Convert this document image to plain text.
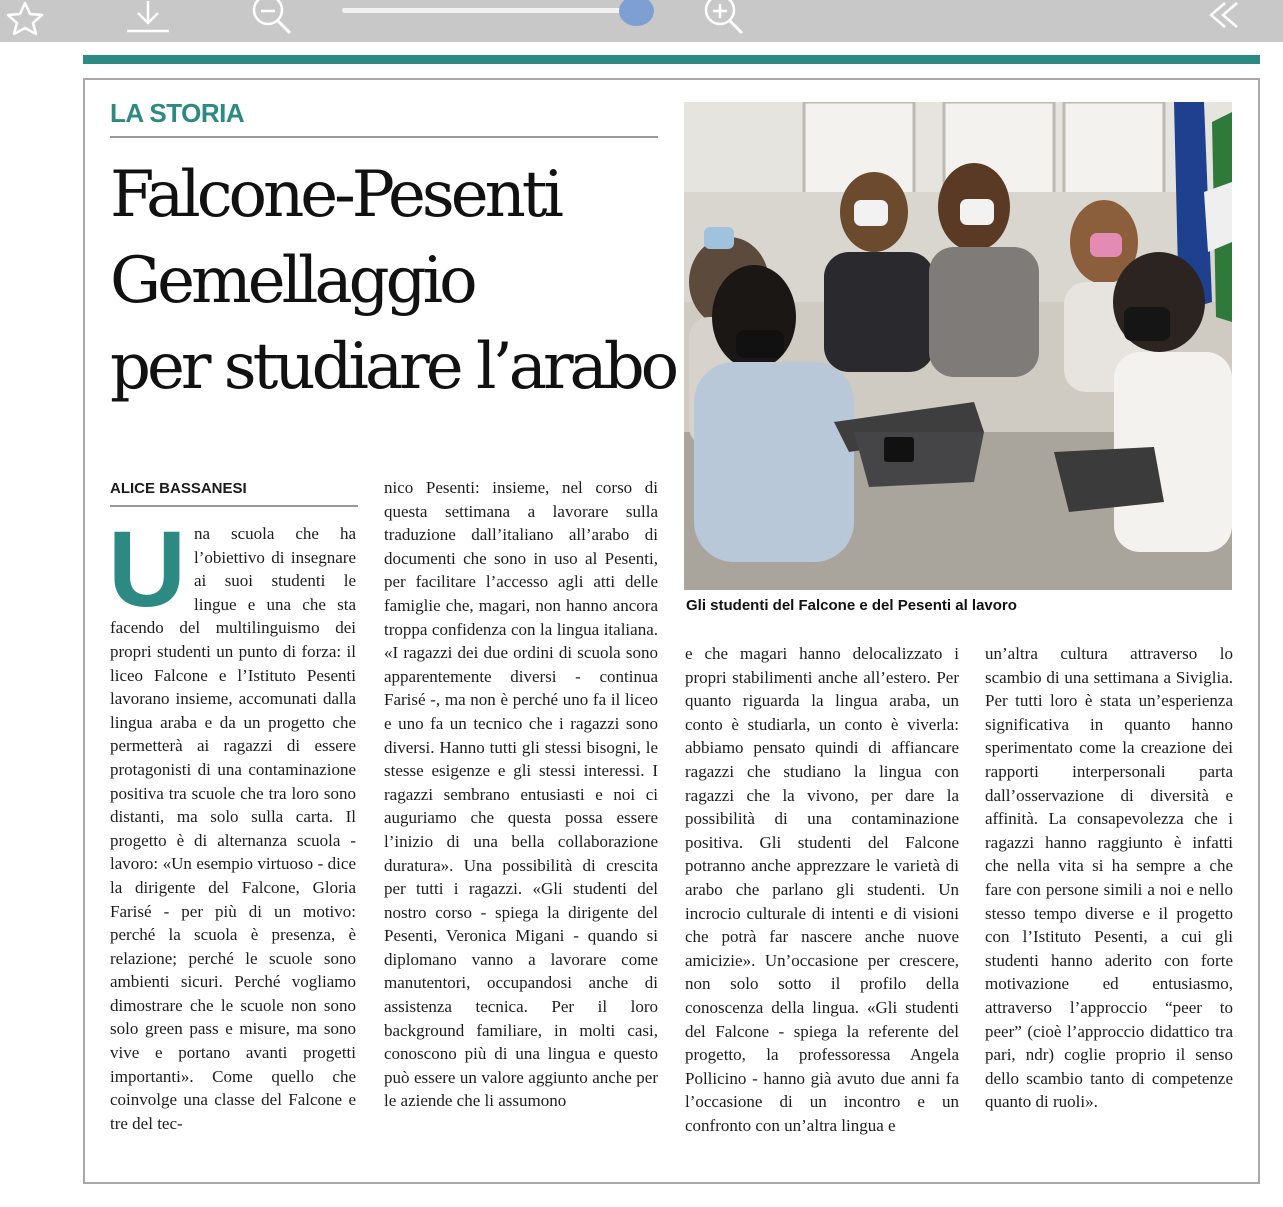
LA STORIA
Falcone-Pesenti
Gemellaggio
per studiare l’arabo
ALICE BASSANESI
Gli studenti del Falcone e del Pesenti al lavoro
U na scuola che ha l’obiettivo di insegnare ai suoi studenti le lingue e una che sta facendo del multilinguismo dei propri studenti un punto di forza: il liceo Falcone e l’Istituto Pesenti lavorano insieme, accomunati dalla lingua araba e da un progetto che permetterà ai ragazzi di essere protagonisti di una contaminazione positiva tra scuole che tra loro sono distanti, ma solo sulla carta. Il progetto è di alternanza scuola - lavoro: «Un esempio virtuoso - dice la dirigente del Falcone, Gloria Farisé - per più di un motivo: perché la scuola è presenza, è relazione; perché le scuole sono ambienti sicuri. Perché vogliamo dimostrare che le scuole non sono solo green pass e misure, ma sono vive e portano avanti progetti importanti». Come quello che coinvolge una classe del Falcone e tre del tec-
nico Pesenti: insieme, nel corso di questa settimana a lavorare sulla traduzione dall’italiano all’arabo di documenti che sono in uso al Pesenti, per facilitare l’accesso agli atti delle famiglie che, magari, non hanno ancora troppa confidenza con la lingua italiana. «I ragazzi dei due ordini di scuola sono apparentemente diversi - continua Farisé -, ma non è perché uno fa il liceo e uno fa un tecnico che i ragazzi sono diversi. Hanno tutti gli stessi bisogni, le stesse esigenze e gli stessi interessi. I ragazzi sembrano entusiasti e noi ci auguriamo che questa possa essere l’inizio di una bella collaborazione duratura». Una possibilità di crescita per tutti i ragazzi. «Gli studenti del nostro corso - spiega la dirigente del Pesenti, Veronica Migani - quando si diplomano vanno a lavorare come manutentori, occupandosi anche di assistenza tecnica. Per il loro background familiare, in molti casi, conoscono più di una lingua e questo può essere un valore aggiunto anche per le aziende che li assumono
e che magari hanno delocalizzato i propri stabilimenti anche all’estero. Per quanto riguarda la lingua araba, un conto è studiarla, un conto è viverla: abbiamo pensato quindi di affiancare ragazzi che studiano la lingua con ragazzi che la vivono, per dare la possibilità di una contaminazione positiva. Gli studenti del Falcone potranno anche apprezzare le varietà di arabo che parlano gli studenti. Un incrocio culturale di intenti e di visioni che potrà far nascere anche nuove amicizie». Un’occasione per crescere, non solo sotto il profilo della conoscenza della lingua. «Gli studenti del Falcone - spiega la referente del progetto, la professoressa Angela Pollicino - hanno già avuto due anni fa l’occasione di un incontro e un confronto con un’altra lingua e
un’altra cultura attraverso lo scambio di una settimana a Siviglia. Per tutti loro è stata un’esperienza significativa in quanto hanno sperimentato come la creazione dei rapporti interpersonali parta dall’osservazione di diversità e affinità. La consapevolezza che i ragazzi hanno raggiunto è infatti che nella vita si ha sempre a che fare con persone simili a noi e nello stesso tempo diverse e il progetto con l’Istituto Pesenti, a cui gli studenti hanno aderito con forte motivazione ed entusiasmo, attraverso l’approccio “peer to peer” (cioè l’approccio didattico tra pari, ndr) coglie proprio il senso dello scambio tanto di competenze quanto di ruoli».
